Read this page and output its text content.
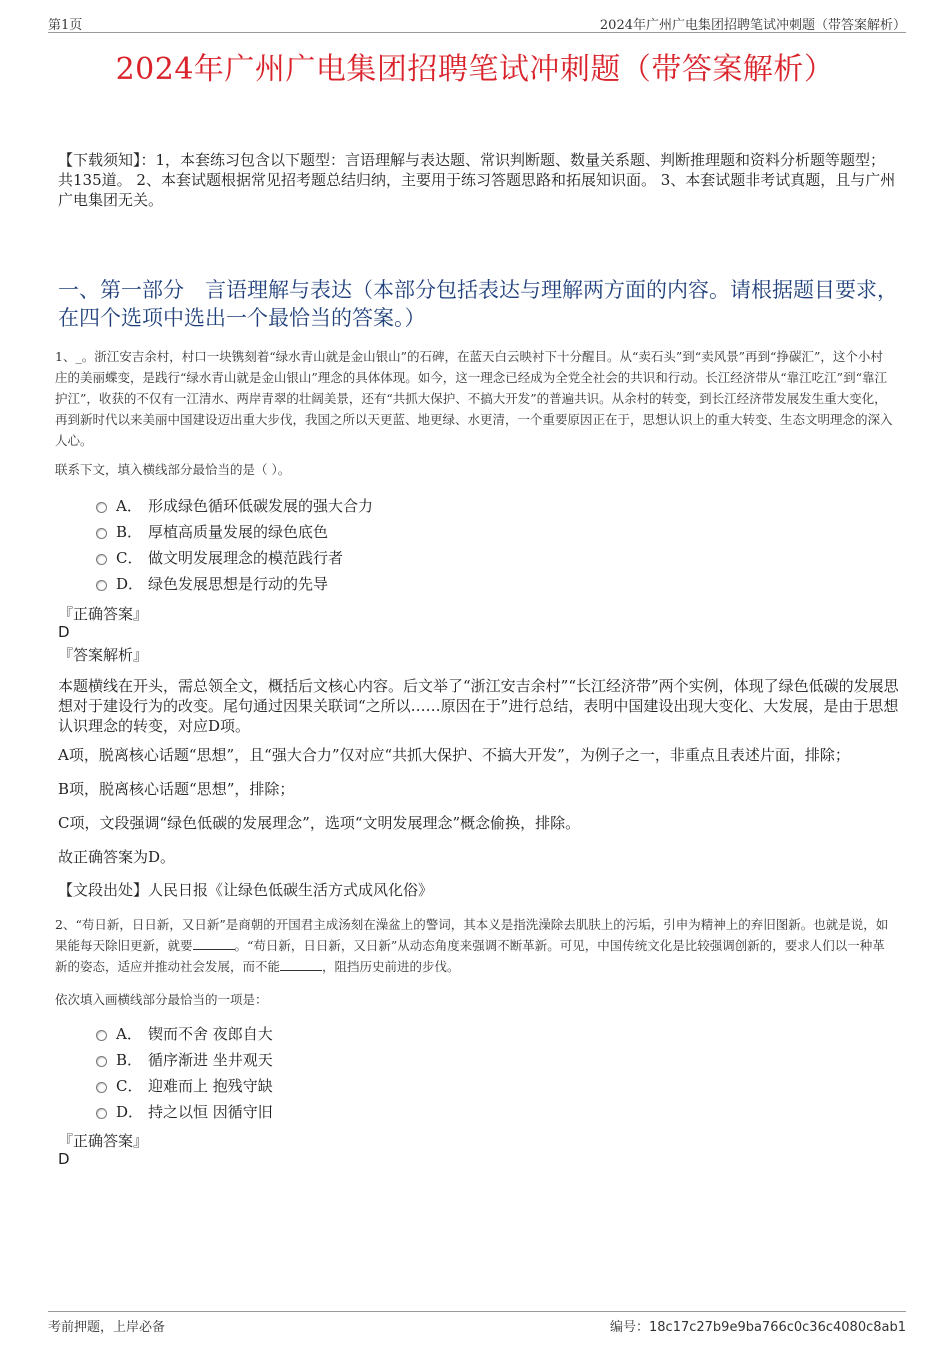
第1页	2024年广州广电集团招聘笔试冲刺题（带答案解析）
2024年广州广电集团招聘笔试冲刺题（带答案解析）
【下载须知】：1，本套练习包含以下题型：言语理解与表达题、常识判断题、数量关系题、判断推理题和资料分析题等题型；共135道。 2、本套试题根据常见招考题总结归纳，主要用于练习答题思路和拓展知识面。 3、本套试题非考试真题，且与广州广电集团无关。
一、第一部分　言语理解与表达（本部分包括表达与理解两方面的内容。请根据题目要求，在四个选项中选出一个最恰当的答案。）
1、_。浙江安吉余村，村口一块镌刻着“绿水青山就是金山银山”的石碑，在蓝天白云映衬下十分醒目。从“卖石头”到“卖风景”再到“挣碳汇”，这个小村庄的美丽蝶变，是践行“绿水青山就是金山银山”理念的具体体现。如今，这一理念已经成为全党全社会的共识和行动。长江经济带从“靠江吃江”到“靠江护江”，收获的不仅有一江清水、两岸青翠的壮阔美景，还有“共抓大保护、不搞大开发”的普遍共识。从余村的转变，到长江经济带发展发生重大变化，再到新时代以来美丽中国建设迈出重大步伐，我国之所以天更蓝、地更绿、水更清，一个重要原因正在于，思想认识上的重大转变、生态文明理念的深入人心。
联系下文，填入横线部分最恰当的是（ ）。
A． 形成绿色循环低碳发展的强大合力
B． 厚植高质量发展的绿色底色
C． 做文明发展理念的模范践行者
D． 绿色发展思想是行动的先导
『正确答案』
D
『答案解析』
本题横线在开头，需总领全文，概括后文核心内容。后文举了“浙江安吉余村”“长江经济带”两个实例，体现了绿色低碳的发展思想对于建设行为的改变。尾句通过因果关联词“之所以……原因在于”进行总结，表明中国建设出现大变化、大发展，是由于思想认识理念的转变，对应D项。
A项，脱离核心话题“思想”，且“强大合力”仅对应“共抓大保护、不搞大开发”，为例子之一，非重点且表述片面，排除；
B项，脱离核心话题“思想”，排除；
C项，文段强调“绿色低碳的发展理念”，选项“文明发展理念”概念偷换，排除。
故正确答案为D。
【文段出处】人民日报《让绿色低碳生活方式成风化俗》
2、“苟日新，日日新，又日新”是商朝的开国君主成汤刻在澡盆上的警词，其本义是指洗澡除去肌肤上的污垢，引申为精神上的弃旧图新。也就是说，如果能每天除旧更新，就要	。“苟日新，日日新，又日新”从动态角度来强调不断革新。可见，中国传统文化是比较强调创新的，要求人们以一种革新的姿态，适应并推动社会发展，而不能	，阻挡历史前进的步伐。
依次填入画横线部分最恰当的一项是：
A． 锲而不舍 夜郎自大
B． 循序渐进 坐井观天
C． 迎难而上 抱残守缺
D． 持之以恒 因循守旧
『正确答案』
D
考前押题，上岸必备	编号：18c17c27b9e9ba766c0c36c4080c8ab1
